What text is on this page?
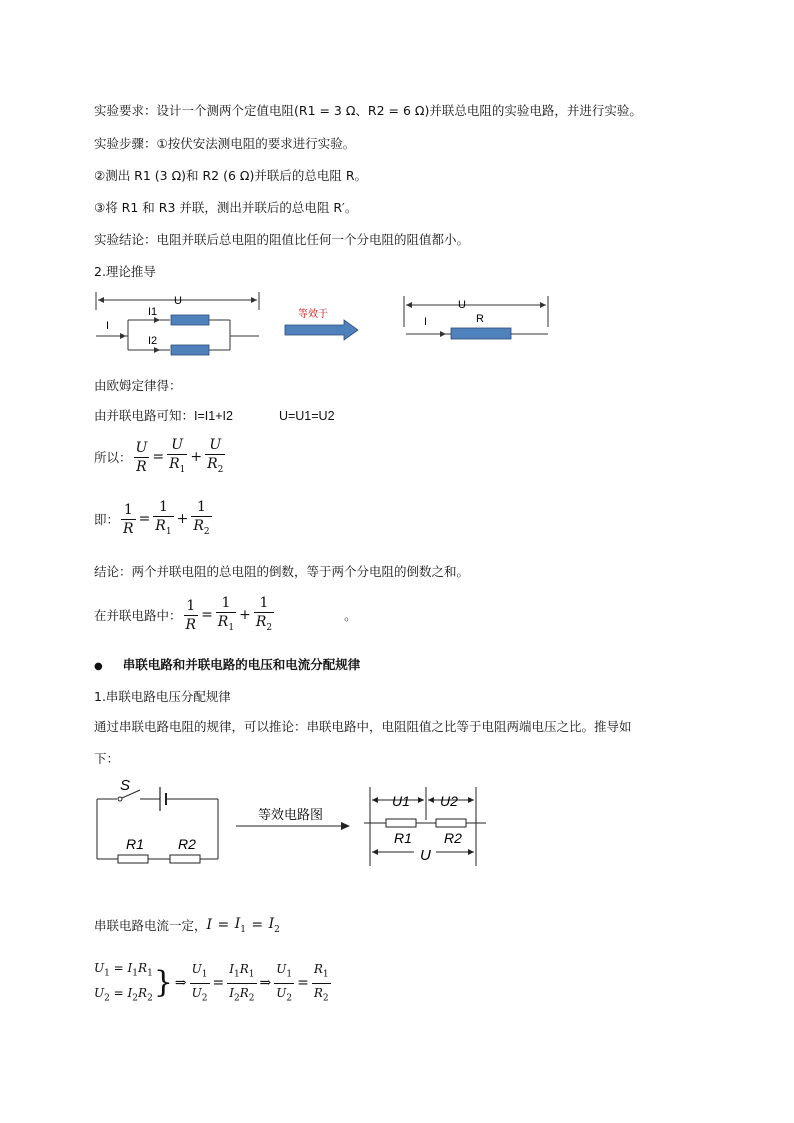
实验要求：设计一个测两个定值电阻(R1 = 3 Ω、R2 = 6 Ω)并联总电阻的实验电路，并进行实验。
实验步骤：①按伏安法测电阻的要求进行实验。
②测出 R1 (3 Ω)和 R2 (6 Ω)并联后的总电阻 R。
③将 R1 和 R3 并联，测出并联后的总电阻 R′。
实验结论：电阻并联后总电阻的阻值比任何一个分电阻的阻值都小。
2.理论推导
U
I
I1
I2
等效于
U
I	R
由欧姆定律得：
由并联电路可知：I=I1+I2	U=U1=U2
所以： $\frac{U}{R} = \frac{U}{R_1} + \frac{U}{R_2}$
即： $\frac{1}{R} = \frac{1}{R_1} + \frac{1}{R_2}$
结论：两个并联电阻的总电阻的倒数，等于两个分电阻的倒数之和。
在并联电路中： $\frac{1}{R} = \frac{1}{R_1} + \frac{1}{R_2}$	。
● 串联电路和并联电路的电压和电流分配规律
1.串联电路电压分配规律
通过串联电路电阻的规律，可以推论：串联电路中，电阻阻值之比等于电阻两端电压之比。推导如
下：
S
R1 R2
等效电路图
U1 U2
R1 R2
U
串联电路电流一定， $I = I_1 = I_2$
$U_1 = I_1R_1$
$U_2 = I_2R_2$ } ⇒ $\frac{U_1}{U_2} = \frac{I_1R_1}{I_2R_2}$ ⇒ $\frac{U_1}{U_2} = \frac{R_1}{R_2}$
